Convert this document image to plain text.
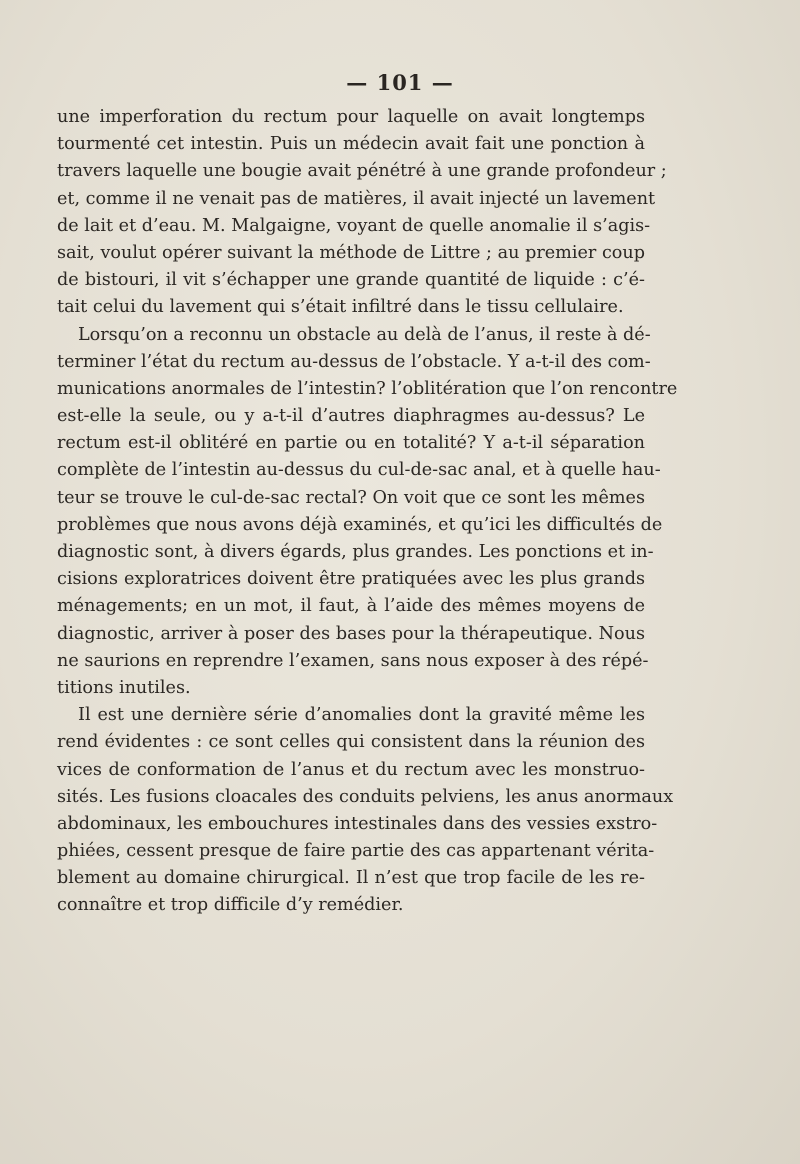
— 101 —
une imperforation du rectum pour laquelle on avait longtemps
tourmenté cet intestin. Puis un médecin avait fait une ponction à
travers laquelle une bougie avait pénétré à une grande profondeur ;
et, comme il ne venait pas de matières, il avait injecté un lavement
de lait et d’eau. M. Malgaigne, voyant de quelle anomalie il s’agis-
sait, voulut opérer suivant la méthode de Littre ; au premier coup
de bistouri, il vit s’échapper une grande quantité de liquide : c’é-
tait celui du lavement qui s’était infiltré dans le tissu cellulaire.
Lorsqu’on a reconnu un obstacle au delà de l’anus, il reste à dé-
terminer l’état du rectum au-dessus de l’obstacle. Y a-t-il des com-
munications anormales de l’intestin? l’oblitération que l’on rencontre
est-elle la seule, ou y a-t-il d’autres diaphragmes au-dessus? Le
rectum est-il oblitéré en partie ou en totalité? Y a-t-il séparation
complète de l’intestin au-dessus du cul-de-sac anal, et à quelle hau-
teur se trouve le cul-de-sac rectal? On voit que ce sont les mêmes
problèmes que nous avons déjà examinés, et qu’ici les difficultés de
diagnostic sont, à divers égards, plus grandes. Les ponctions et in-
cisions exploratrices doivent être pratiquées avec les plus grands
ménagements; en un mot, il faut, à l’aide des mêmes moyens de
diagnostic, arriver à poser des bases pour la thérapeutique. Nous
ne saurions en reprendre l’examen, sans nous exposer à des répé-
titions inutiles.
Il est une dernière série d’anomalies dont la gravité même les
rend évidentes : ce sont celles qui consistent dans la réunion des
vices de conformation de l’anus et du rectum avec les monstruo-
sités. Les fusions cloacales des conduits pelviens, les anus anormaux
abdominaux, les embouchures intestinales dans des vessies exstro-
phiées, cessent presque de faire partie des cas appartenant vérita-
blement au domaine chirurgical. Il n’est que trop facile de les re-
connaître et trop difficile d’y remédier.
